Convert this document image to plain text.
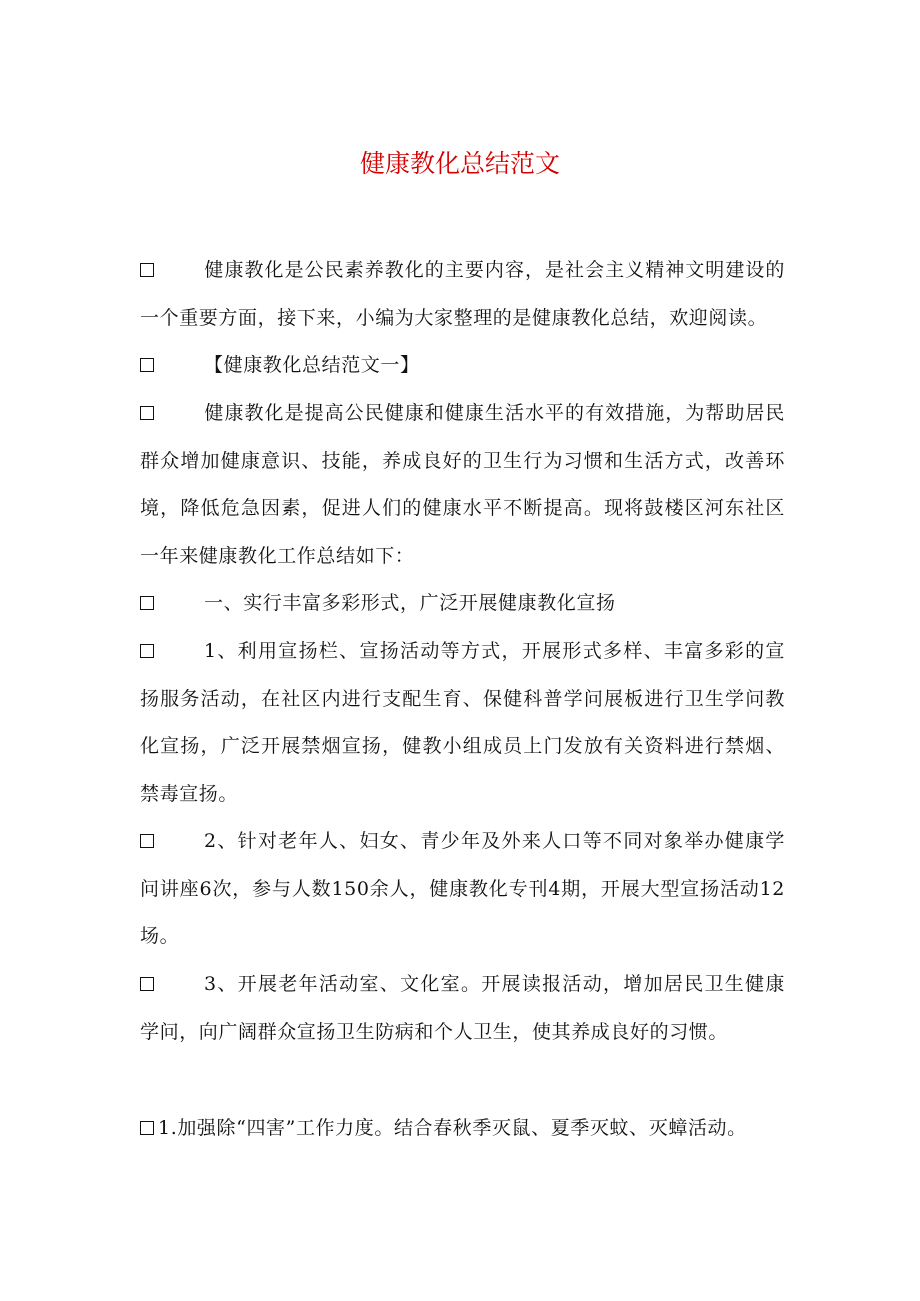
健康教化总结范文
健康教化是公民素养教化的主要内容，是社会主义精神文明建设的一个重要方面，接下来，小编为大家整理的是健康教化总结，欢迎阅读。
【健康教化总结范文一】
健康教化是提高公民健康和健康生活水平的有效措施，为帮助居民群众增加健康意识、技能，养成良好的卫生行为习惯和生活方式，改善环境，降低危急因素，促进人们的健康水平不断提高。现将鼓楼区河东社区一年来健康教化工作总结如下：
一、实行丰富多彩形式，广泛开展健康教化宣扬
1、利用宣扬栏、宣扬活动等方式，开展形式多样、丰富多彩的宣扬服务活动，在社区内进行支配生育、保健科普学问展板进行卫生学问教化宣扬，广泛开展禁烟宣扬，健教小组成员上门发放有关资料进行禁烟、禁毒宣扬。
2、针对老年人、妇女、青少年及外来人口等不同对象举办健康学问讲座6次，参与人数150余人，健康教化专刊4期，开展大型宣扬活动12场。
3、开展老年活动室、文化室。开展读报活动，增加居民卫生健康学问，向广阔群众宣扬卫生防病和个人卫生，使其养成良好的习惯。
1.加强除“四害”工作力度。结合春秋季灭鼠、夏季灭蚊、灭蟑活动。
